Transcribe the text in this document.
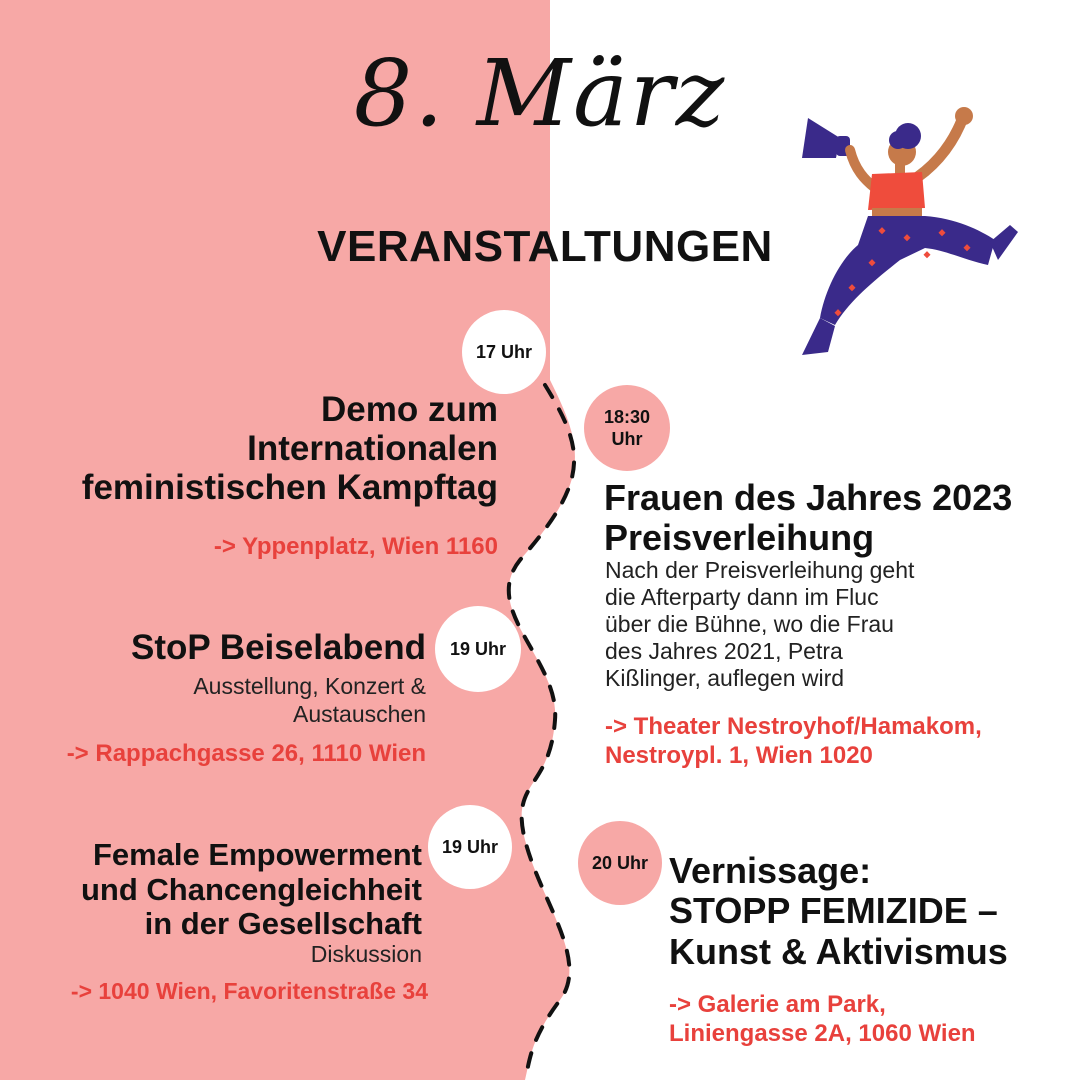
8. März
VERANSTALTUNGEN
17 Uhr
Demo zum
Internationalen
feministischen Kampftag
-> Yppenplatz, Wien 1160
18:30
Uhr
Frauen des Jahres 2023
Preisverleihung
Nach der Preisverleihung geht
die Afterparty dann im Fluc
über die Bühne, wo die Frau
des Jahres 2021, Petra
Kißlinger, auflegen wird
-> Theater Nestroyhof/Hamakom,
Nestroypl. 1, Wien 1020
19 Uhr
StoP Beiselabend
Ausstellung, Konzert &
Austauschen
-> Rappachgasse 26, 1110 Wien
19 Uhr
Female Empowerment
und Chancengleichheit
in der Gesellschaft
Diskussion
-> 1040 Wien, Favoritenstraße 34
20 Uhr Vernissage:
STOPP FEMIZIDE –
Kunst & Aktivismus
-> Galerie am Park,
Liniengasse 2A, 1060 Wien
